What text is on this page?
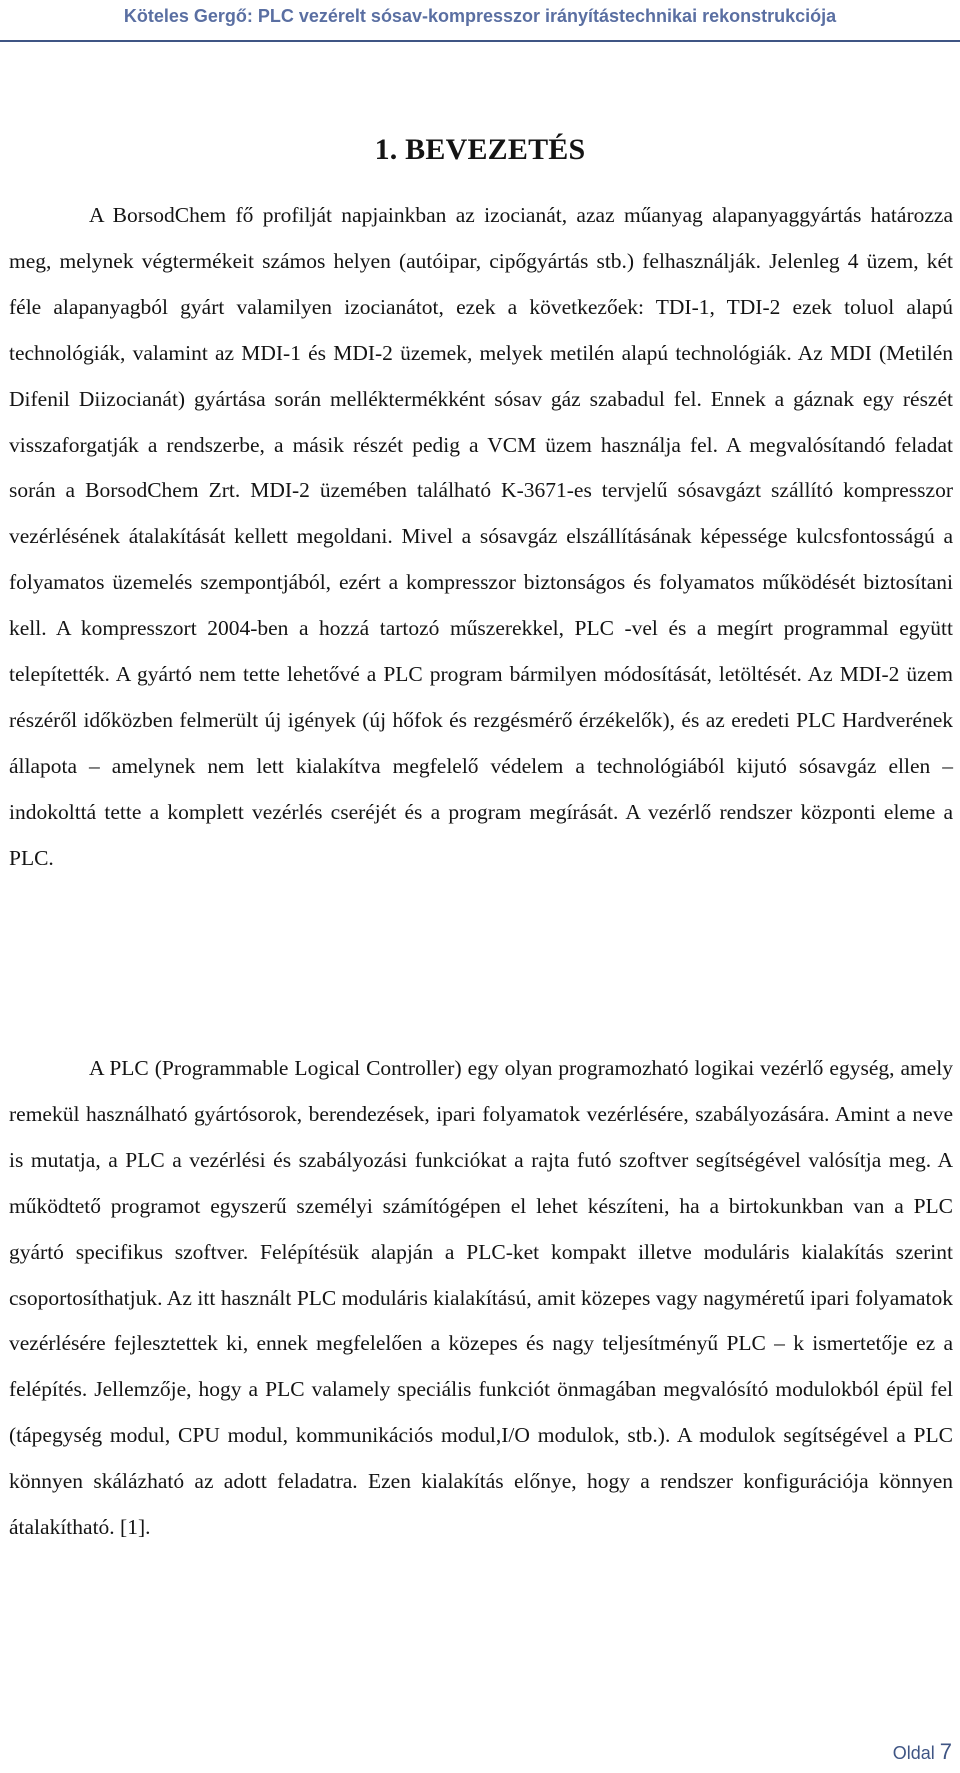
Köteles Gergő: PLC vezérelt sósav-kompresszor irányítástechnikai rekonstrukciója
1. BEVEZETÉS

A BorsodChem fő profilját napjainkban az izocianát, azaz műanyag alapanyaggyártás határozza meg, melynek végtermékeit számos helyen (autóipar, cipőgyártás stb.) felhasználják. Jelenleg 4 üzem, két féle alapanyagból gyárt valamilyen izocianátot, ezek a következőek: TDI-1, TDI-2 ezek toluol alapú technológiák, valamint az MDI-1 és MDI-2 üzemek, melyek metilén alapú technológiák. Az MDI (Metilén Difenil Diizocianát) gyártása során melléktermékként sósav gáz szabadul fel. Ennek a gáznak egy részét visszaforgatják a rendszerbe, a másik részét pedig a VCM üzem használja fel. A megvalósítandó feladat során a BorsodChem Zrt. MDI-2 üzemében található K-3671-es tervjelű sósavgázt szállító kompresszor vezérlésének átalakítását kellett megoldani. Mivel a sósavgáz elszállításának képessége kulcsfontosságú a folyamatos üzemelés szempontjából, ezért a kompresszor biztonságos és folyamatos működését biztosítani kell. A kompresszort 2004-ben a hozzá tartozó műszerekkel, PLC -vel és a megírt programmal együtt telepítették. A gyártó nem tette lehetővé a PLC program bármilyen módosítását, letöltését. Az MDI-2 üzem részéről időközben felmerült új igények (új hőfok és rezgésmérő érzékelők), és az eredeti PLC Hardverének állapota – amelynek nem lett kialakítva megfelelő védelem a technológiából kijutó sósavgáz ellen – indokolttá tette a komplett vezérlés cseréjét és a program megírását. A vezérlő rendszer központi eleme a PLC.

A PLC (Programmable Logical Controller) egy olyan programozható logikai vezérlő egység, amely remekül használható gyártósorok, berendezések, ipari folyamatok vezérlésére, szabályozására. Amint a neve is mutatja, a PLC a vezérlési és szabályozási funkciókat a rajta futó szoftver segítségével valósítja meg. A működtető programot egyszerű személyi számítógépen el lehet készíteni, ha a birtokunkban van a PLC gyártó specifikus szoftver. Felépítésük alapján a PLC-ket kompakt illetve moduláris kialakítás szerint csoportosíthatjuk. Az itt használt PLC moduláris kialakítású, amit közepes vagy nagyméretű ipari folyamatok vezérlésére fejlesztettek ki, ennek megfelelően a közepes és nagy teljesítményű PLC – k ismertetője ez a felépítés. Jellemzője, hogy a PLC valamely speciális funkciót önmagában megvalósító modulokból épül fel (tápegység modul, CPU modul, kommunikációs modul,I/O modulok, stb.). A modulok segítségével a PLC könnyen skálázható az adott feladatra. Ezen kialakítás előnye, hogy a rendszer konfigurációja könnyen átalakítható. [1].

Oldal 7
